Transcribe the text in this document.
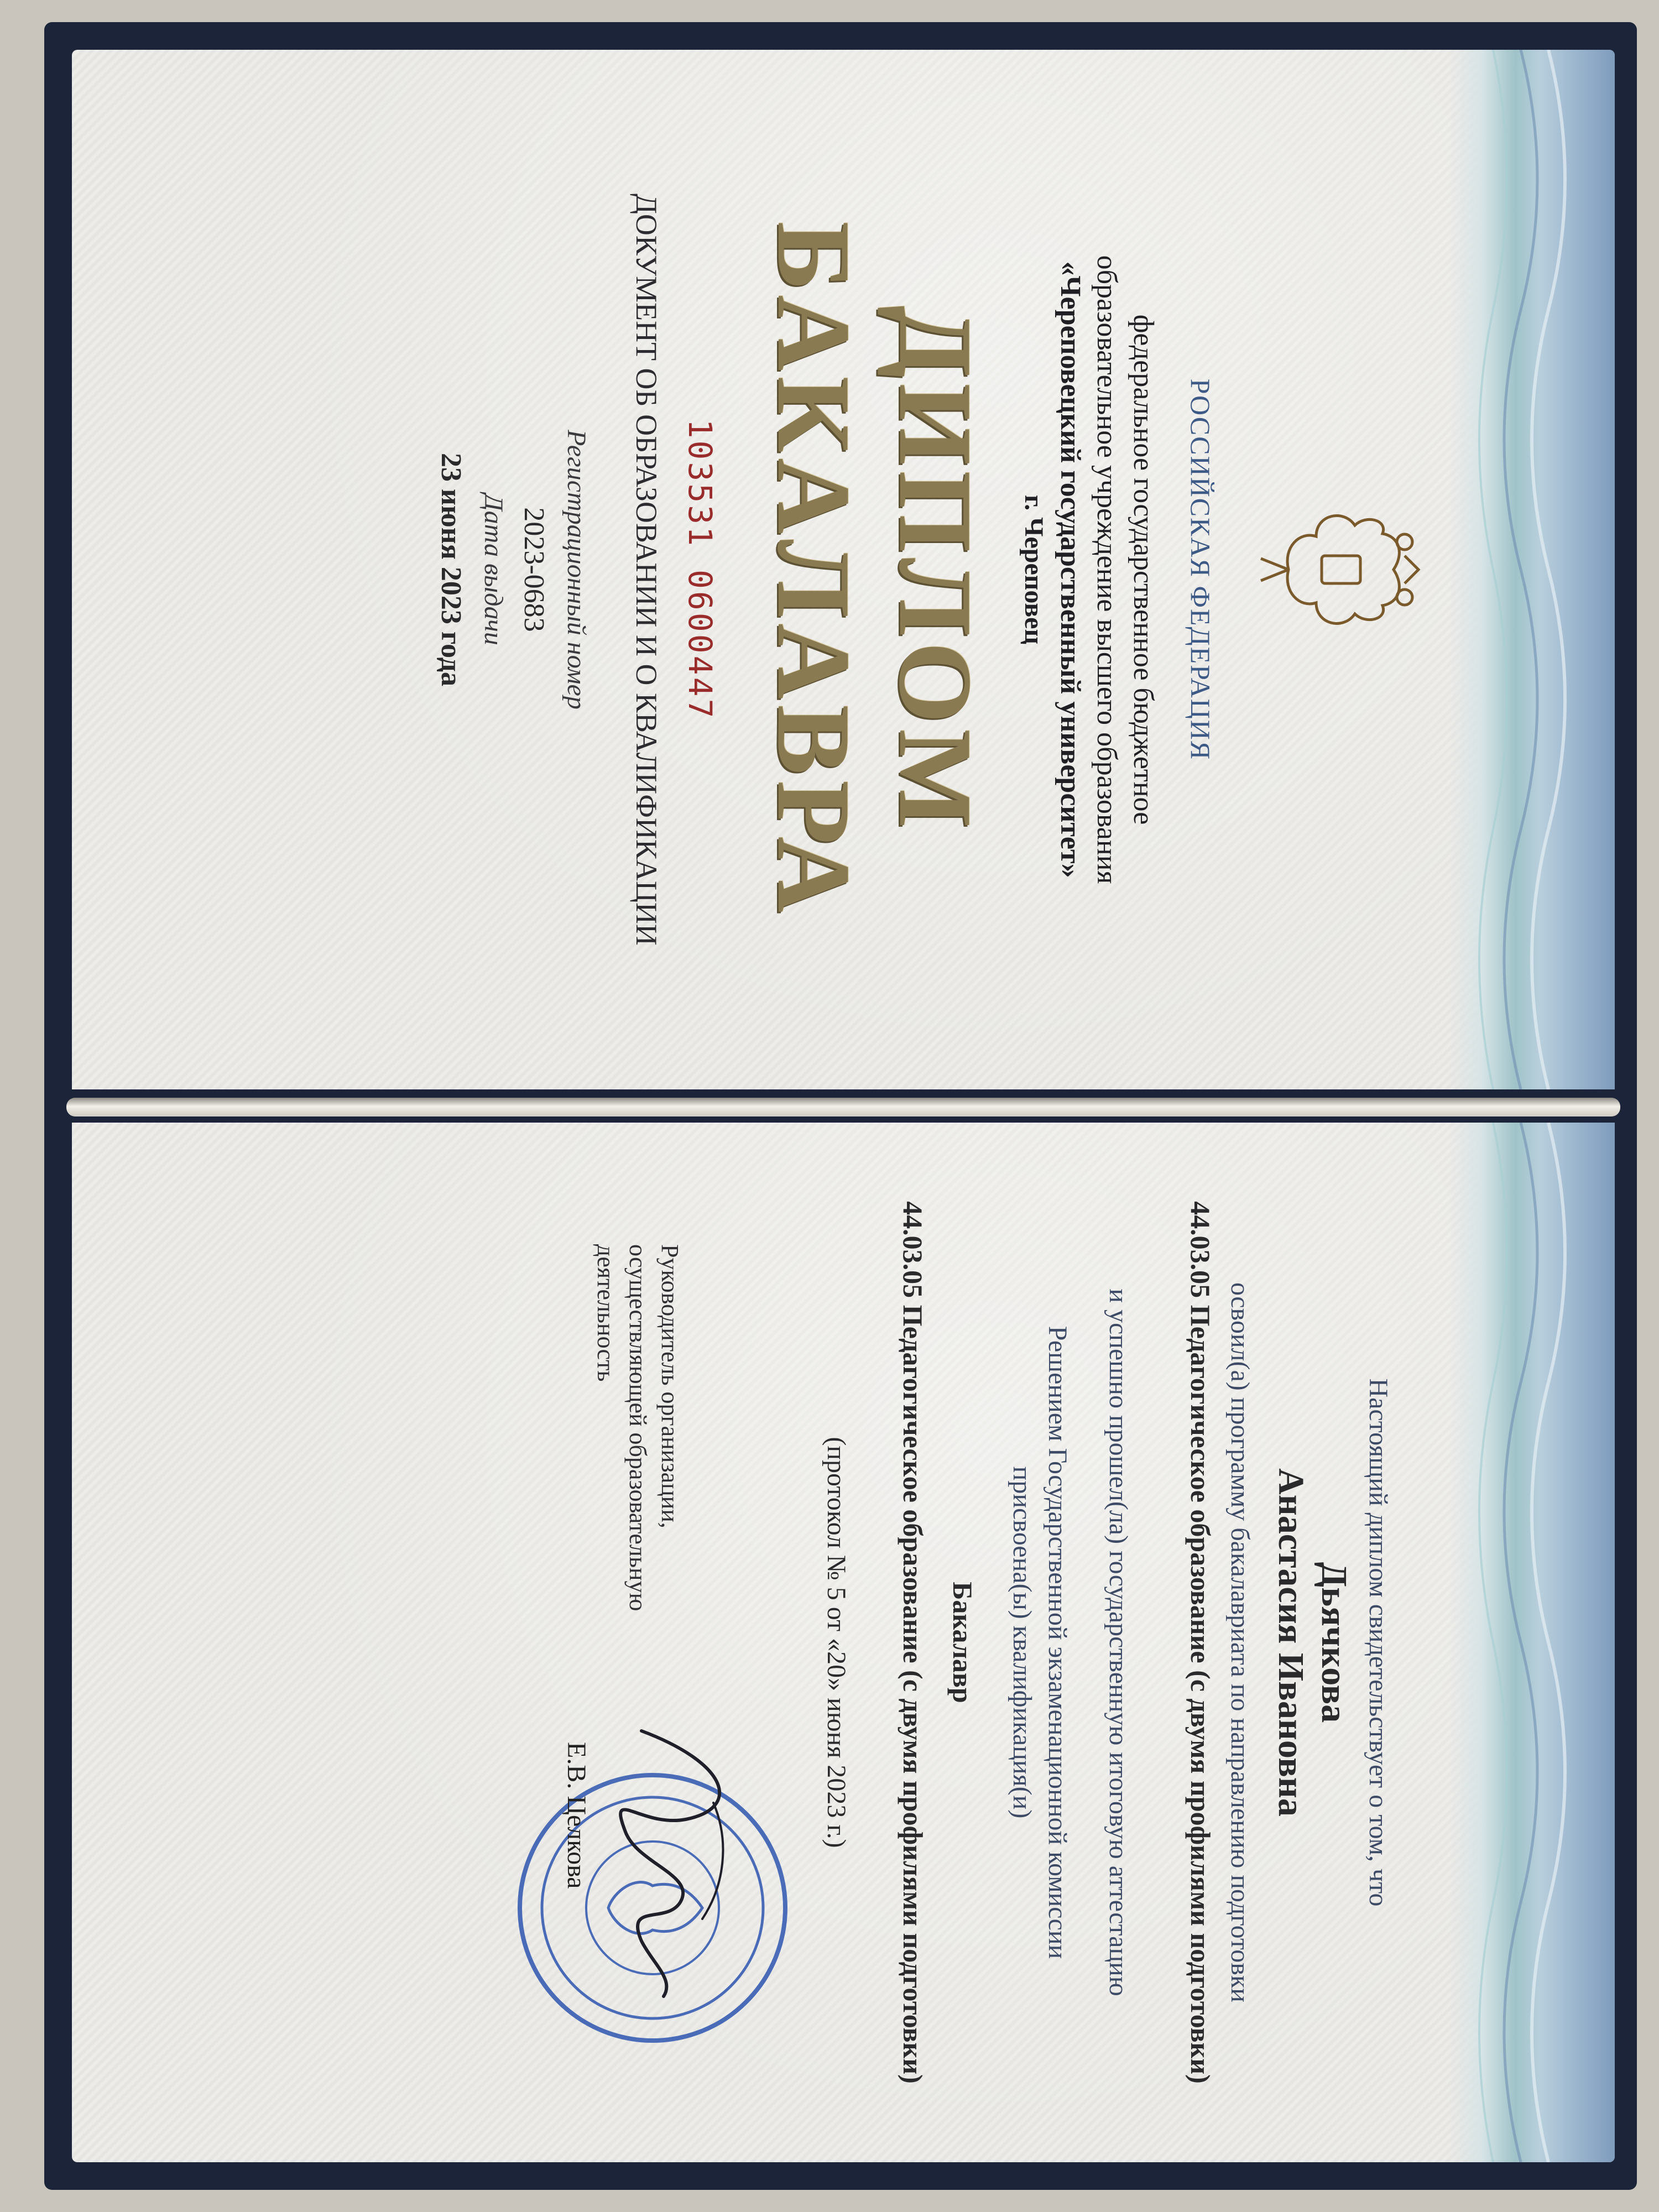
РОССИЙСКАЯ ФЕДЕРАЦИЯ
федеральное государственное бюджетное
образовательное учреждение высшего образования
«Череповецкий государственный университет»
г. Череповец
ДИПЛОМ
БАКАЛАВРА
103531 0600447
ДОКУМЕНТ ОБ ОБРАЗОВАНИИ И О КВАЛИФИКАЦИИ
Регистрационный номер
2023-0683
Дата выдачи
23 июня 2023 года
Настоящий диплом свидетельствует о том, что
Дьячкова
Анастасия Ивановна
освоил(а) программу бакалавриата по направлению подготовки
44.03.05 Педагогическое образование (с двумя профилями подготовки)
и успешно прошел(ла) государственную итоговую аттестацию
Решением Государственной экзаменационной комиссии
присвоена(ы) квалификация(и)
Бакалавр
44.03.05 Педагогическое образование (с двумя профилями подготовки)
(протокол № 5 от «20» июня 2023 г.)
Руководитель организации,
осуществляющей образовательную
деятельность
Е.В. Целкова
